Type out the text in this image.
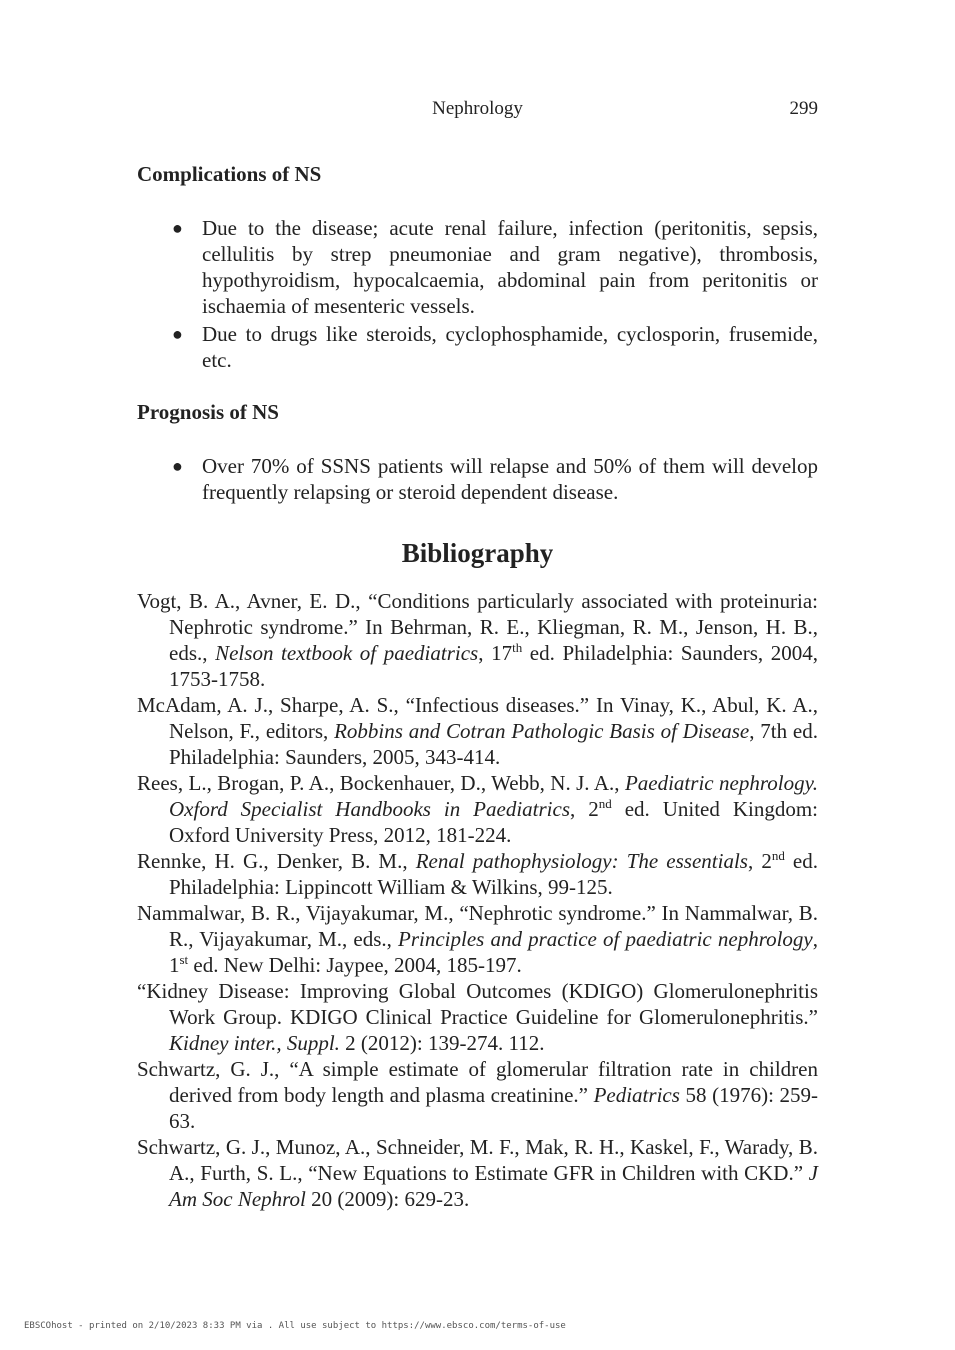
Nephrology	299
Complications of NS
● Due to the disease; acute renal failure, infection (peritonitis, sepsis, cellulitis by strep pneumoniae and gram negative), thrombosis, hypothyroidism, hypocalcaemia, abdominal pain from peritonitis or ischaemia of mesenteric vessels.
● Due to drugs like steroids, cyclophosphamide, cyclosporin, frusemide, etc.
Prognosis of NS
● Over 70% of SSNS patients will relapse and 50% of them will develop frequently relapsing or steroid dependent disease.
Bibliography
Vogt, B. A., Avner, E. D., “Conditions particularly associated with proteinuria: Nephrotic syndrome.” In Behrman, R. E., Kliegman, R. M., Jenson, H. B., eds., Nelson textbook of paediatrics, 17th ed. Philadelphia: Saunders, 2004, 1753-1758.
McAdam, A. J., Sharpe, A. S., “Infectious diseases.” In Vinay, K., Abul, K. A., Nelson, F., editors, Robbins and Cotran Pathologic Basis of Disease, 7th ed. Philadelphia: Saunders, 2005, 343-414.
Rees, L., Brogan, P. A., Bockenhauer, D., Webb, N. J. A., Paediatric nephrology. Oxford Specialist Handbooks in Paediatrics, 2nd ed. United Kingdom: Oxford University Press, 2012, 181-224.
Rennke, H. G., Denker, B. M., Renal pathophysiology: The essentials, 2nd ed. Philadelphia: Lippincott William & Wilkins, 99-125.
Nammalwar, B. R., Vijayakumar, M., “Nephrotic syndrome.” In Nammalwar, B. R., Vijayakumar, M., eds., Principles and practice of paediatric nephrology, 1st ed. New Delhi: Jaypee, 2004, 185-197.
“Kidney Disease: Improving Global Outcomes (KDIGO) Glomerulonephritis Work Group. KDIGO Clinical Practice Guideline for Glomerulonephritis.” Kidney inter., Suppl. 2 (2012): 139-274. 112.
Schwartz, G. J., “A simple estimate of glomerular filtration rate in children derived from body length and plasma creatinine.” Pediatrics 58 (1976): 259-63.
Schwartz, G. J., Munoz, A., Schneider, M. F., Mak, R. H., Kaskel, F., Warady, B. A., Furth, S. L., “New Equations to Estimate GFR in Children with CKD.” J Am Soc Nephrol 20 (2009): 629-23.
EBSCOhost - printed on 2/10/2023 8:33 PM via . All use subject to https://www.ebsco.com/terms-of-use
